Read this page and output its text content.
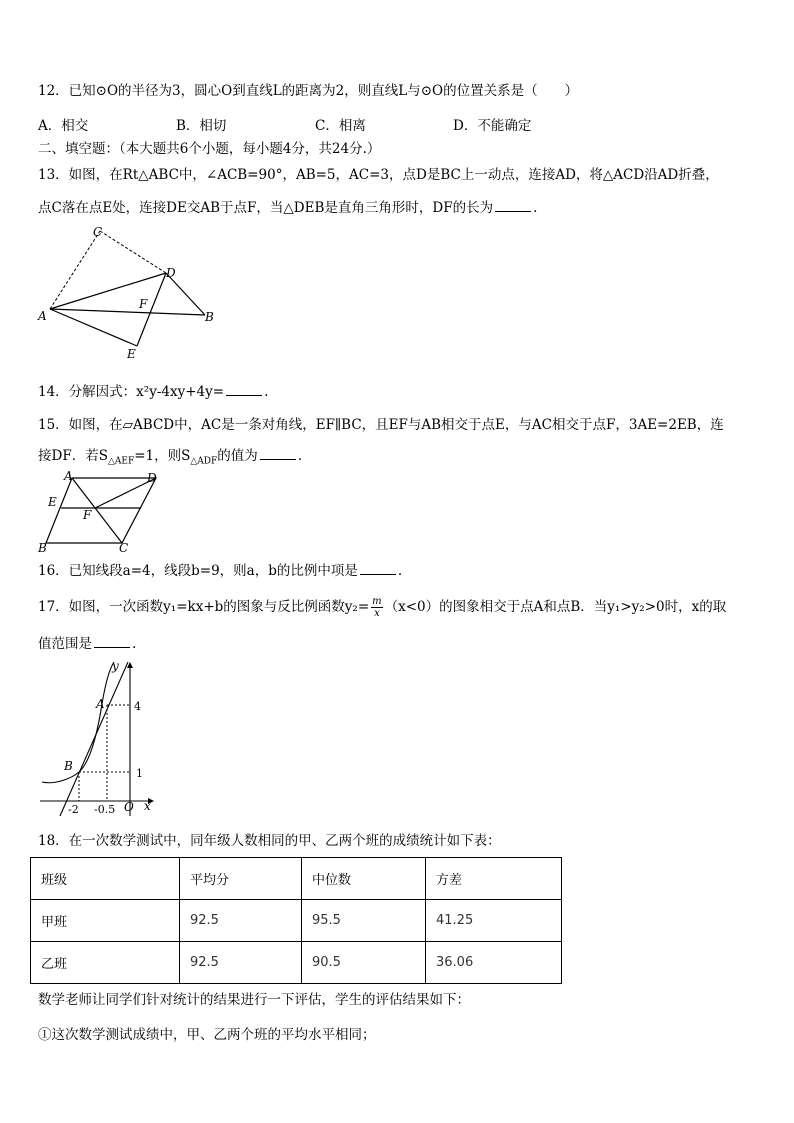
12．已知⊙O的半径为3，圆心O到直线L的距离为2，则直线L与⊙O的位置关系是（　　）
A．相交	B．相切	C．相离	D．不能确定
二、填空题：（本大题共6个小题，每小题4分，共24分.）
13．如图，在Rt△ABC中，∠ACB=90°，AB=5，AC=3，点D是BC上一动点，连接AD，将△ACD沿AD折叠，
点C落在点E处，连接DE交AB于点F，当△DEB是直角三角形时，DF的长为	.
C
D
A
F
B
E
14．分解因式：x²y-4xy+4y=	.
15．如图，在▱ABCD中，AC是一条对角线，EF∥BC，且EF与AB相交于点E，与AC相交于点F，3AE=2EB，连
接DF．若$S_{\triangle AEF}=1$，则$S_{\triangle ADF}$的值为	.
A	D
E
F
B	C
16．已知线段a=4，线段b=9，则a，b的比例中项是	.
17．如图，一次函数y₁=kx+b的图象与反比例函数$y_2= \frac{m}{x} (x<0)$的图象相交于点A和点B．当y₁>y₂>0时，x的取
值范围是	.
y
A	4
B
1
-2 -0.5 O x
18．在一次数学测试中，同年级人数相同的甲、乙两个班的成绩统计如下表：
班级	平均分	中位数	方差
甲班	92.5	95.5	41.25
乙班	92.5	90.5	36.06
数学老师让同学们针对统计的结果进行一下评估，学生的评估结果如下：
①这次数学测试成绩中，甲、乙两个班的平均水平相同；
